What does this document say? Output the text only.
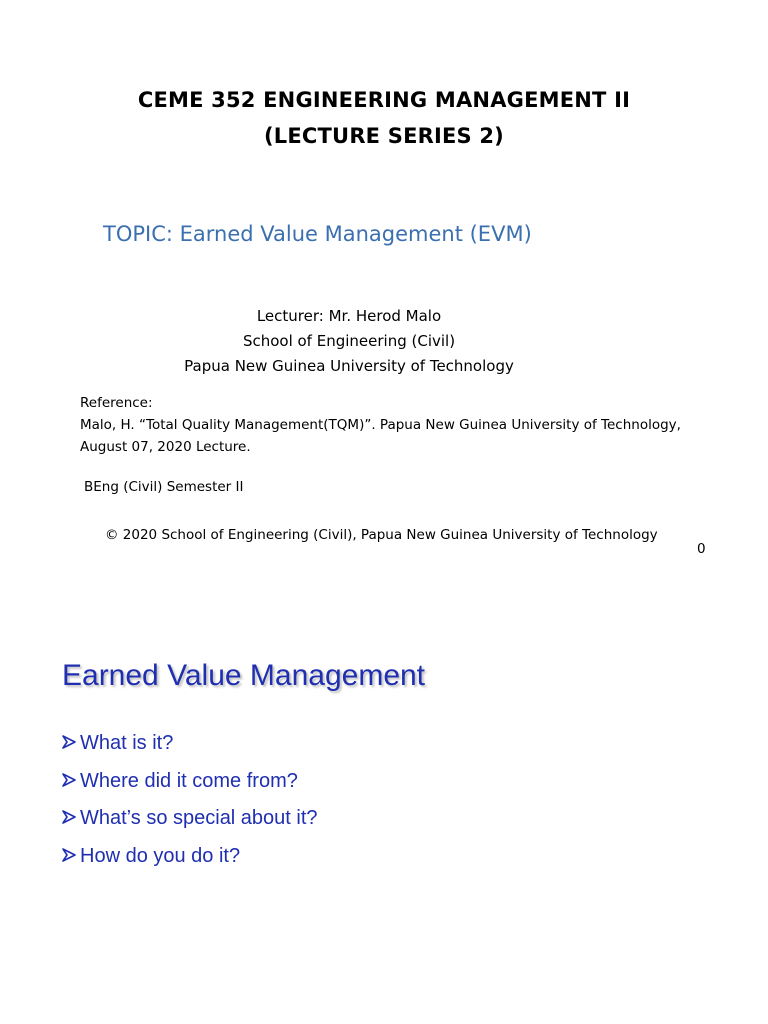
CEME 352 ENGINEERING MANAGEMENT II
(LECTURE SERIES 2)
TOPIC: Earned Value Management (EVM)
Lecturer: Mr. Herod Malo
School of Engineering (Civil)
Papua New Guinea University of Technology
Reference:
Malo, H. “Total Quality Management(TQM)”. Papua New Guinea University of Technology, August 07, 2020 Lecture.
BEng (Civil) Semester II
© 2020 School of Engineering (Civil), Papua New Guinea University of Technology
0
Earned Value Management
What is it?
Where did it come from?
What’s so special about it?
How do you do it?
